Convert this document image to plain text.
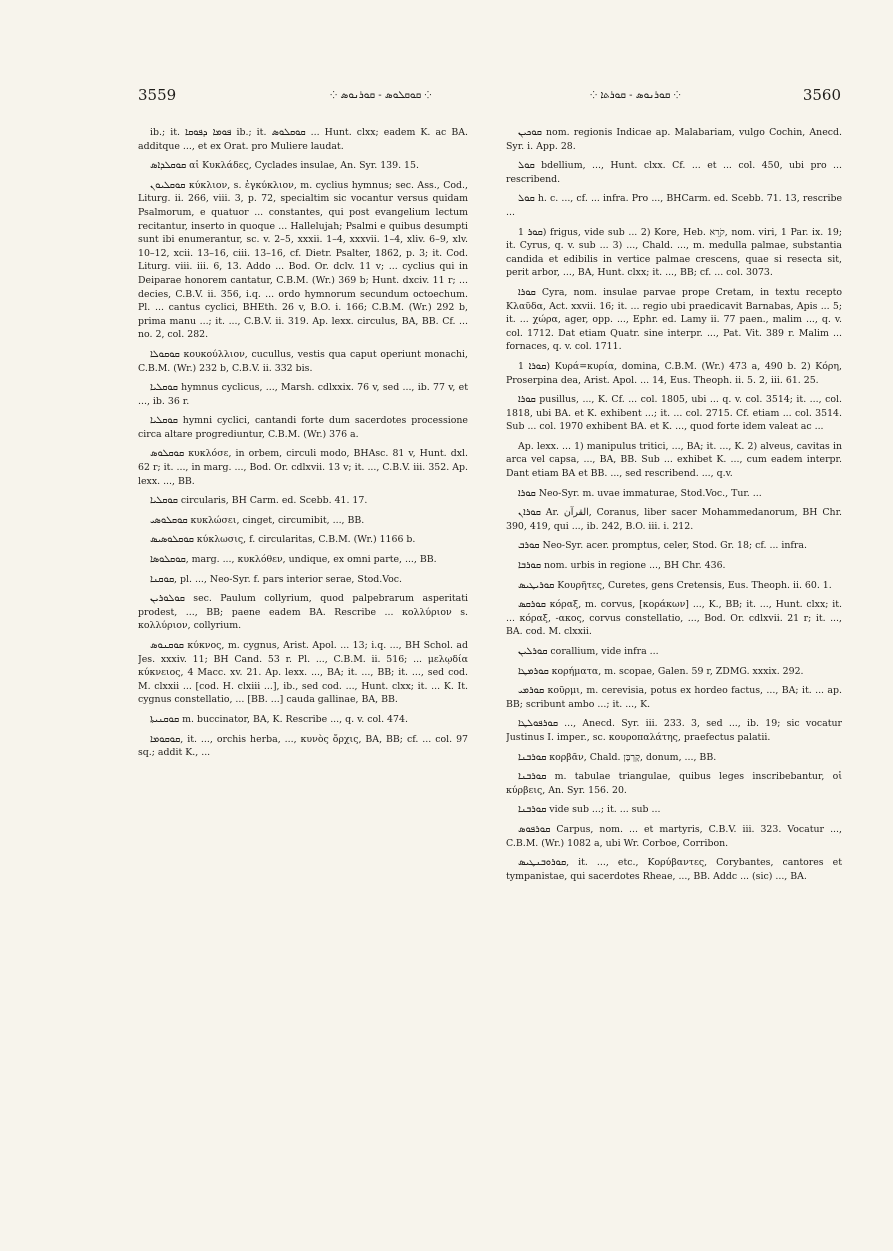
3559	⁘ ܩܘܩܠܘܣ - ܩܘܪܢܘܣ ⁘	⁘ ܩܘܪܢܘܣ - ܩܘܪܬܐ ⁘	3560

ib.; it. ܦܘܡܐ ܕܦܘܩܐ ib.; it. ܩܘܩܠܘܣ ... Hunt. clxx; eadem K. ac BA. additque ..., et ex Orat. pro Muliere laudat.

ܩܘܩܠܕܐܣ αἱ Κυκλάδες, Cyclades insulae, An. Syr. 139. 15.

ܩܘܩܠܝܘܢ κύκλιον, s. ἐγκύκλιον, m. cyclius hymnus; sec. Ass., Cod., Liturg. ii. 266, viii. 3, p. 72, specialtim sic vocantur versus quidam Psalmorum, e quatuor ... constantes, qui post evangelium lectum recitantur, inserto in quoque ... Hallelujah; Psalmi e quibus desumpti sunt ibi enumerantur, sc. v. 2–5, xxxii. 1–4, xxxvii. 1–4, xliv. 6–9, xlv. 10–12, xcii. 13–16, ciii. 13–16, cf. Dietr. Psalter, 1862, p. 3; it. Cod. Liturg. viii. iii. 6, 13. Addo ... Bod. Or. dclv. 11 v; ... cyclius qui in Deiparae honorem cantatur, C.B.M. (Wr.) 369 b; Hunt. dxciv. 11 r; ... decies, C.B.V. ii. 356, i.q. ... ordo hymnorum secundum octoechum. Pl. ... cantus cyclici, BHEth. 26 v, B.O. i. 166; C.B.M. (Wr.) 292 b, prima manu ...; it. ..., C.B.V. ii. 319. Ap. lexx. circulus, BA, BB. Cf. ... no. 2, col. 282.

ܩܘܩܘܠܐ κουκούλλιον, cucullus, vestis qua caput operiunt monachi, C.B.M. (Wr.) 232 b, C.B.V. ii. 332 bis.

ܩܘܩܠܝܐ hymnus cyclicus, ..., Marsh. cdlxxix. 76 v, sed ..., ib. 77 v, et ..., ib. 36 r.

ܩܘܩܠܝܐ hymni cyclici, cantandi forte dum sacerdotes processione circa altare progrediuntur, C.B.M. (Wr.) 376 a.

ܩܘܩܠܘܣ κυκλόσε, in orbem, circuli modo, BHAsc. 81 v, Hunt. dxl. 62 r; it. ..., in marg. ..., Bod. Or. cdlxvii. 13 v; it. ..., C.B.V. iii. 352. Ap. lexx. ..., BB.

ܩܘܩܠܝܐ circularis, BH Carm. ed. Scebb. 41. 17.

ܩܘܩܠܘܣܝ κυκλώσει, cinget, circumibit, ..., BB.

ܩܘܩܠܘܣܝܣ κύκλωσις, f. circularitas, C.B.M. (Wr.) 1166 b.

ܩܘܩܠܘܣܐ, marg. ..., κυκλόθεν, undique, ex omni parte, ..., BB.

ܩܘܩܢܐ, pl. ..., Neo-Syr. f. pars interior serae, Stod.Voc.

ܩܘܠܘܪܝܢ sec. Paulum collyrium, quod palpebrarum asperitati prodest, ..., BB; paene eadem BA. Rescribe ... κολλύριον s. κολλύριον, collyrium.

ܩܘܩܢܘܣ κύκνος, m. cygnus, Arist. Apol. ... 13; i.q. ..., BH Schol. ad Jes. xxxiv. 11; BH Cand. 53 r. Pl. ..., C.B.M. ii. 516; ... μελῳδία κύκνειος, 4 Macc. xv. 21. Ap. lexx. ..., BA; it. ..., BB; it. ..., sed cod. M. clxxii ... [cod. H. clxiii ...], ib., sed cod. ..., Hunt. clxx; it. ... K. It. cygnus constellatio, ... [BB. ...] cauda gallinae, BA, BB.

ܩܘܩܢܝܬܐ m. buccinator, BA, K. Rescribe ..., q. v. col. 474.

ܩܘܩܘܡܐ, it. ..., orchis herba, ..., κυνὸς ὄρχις, BA, BB; cf. ... col. 97 sq.; addit K., ...

ܩܘܟܝܢ nom. regionis Indicae ap. Malabariam, vulgo Cochin, Anecd. Syr. i. App. 28.

ܩܘܠ bdellium, ..., Hunt. clxx. Cf. ... et ... col. 450, ubi pro ... rescribend.

ܩܘܠ h. c. ..., cf. ... infra. Pro ..., BHCarm. ed. Scebb. 71. 13, rescribe ...

ܩܘܪ 1) frigus, vide sub ... 2) Kore, Heb. קֹרֵא, nom. viri, 1 Par. ix. 19; it. Cyrus, q. v. sub ... 3) ..., Chald. ..., m. medulla palmae, substantia candida et edibilis in vertice palmae crescens, quae si resecta sit, perit arbor, ..., BA, Hunt. clxx; it. ..., BB; cf. ... col. 3073.

ܩܘܪܐ Cyra, nom. insulae parvae prope Cretam, in textu recepto Κλαῦδα, Act. xxvii. 16; it. ... regio ubi praedicavit Barnabas, Apis ... 5; it. ... χώρα, ager, opp. ..., Ephr. ed. Lamy ii. 77 paen., malim ..., q. v. col. 1712. Dat etiam Quatr. sine interpr. ..., Pat. Vit. 389 r. Malim ... fornaces, q. v. col. 1711.

ܩܘܪܐ 1) Κυρά=κυρία, domina, C.B.M. (Wr.) 473 a, 490 b. 2) Κόρη, Proserpina dea, Arist. Apol. ... 14, Eus. Theoph. ii. 5. 2, iii. 61. 25.

ܩܘܪܐ pusillus, ..., K. Cf. ... col. 1805, ubi ... q. v. col. 3514; it. ..., col. 1818, ubi BA. et K. exhibent ...; it. ... col. 2715. Cf. etiam ... col. 3514. Sub ... col. 1970 exhibent BA. et K. ..., quod forte idem valeat ac ...

Ap. lexx. ... 1) manipulus tritici, ..., BA; it. ..., K. 2) alveus, cavitas in arca vel capsa, ..., BA, BB. Sub ... exhibet K. ..., cum eadem interpr. Dant etiam BA et BB. ..., sed rescribend. ..., q.v.

ܩܘܪܐ Neo-Syr. m. uvae immaturae, Stod.Voc., Tur. ...

ܩܘܪܐܢ Ar. القرآن, Coranus, liber sacer Mohammedanorum, BH Chr. 390, 419, qui ..., ib. 242, B.O. iii. i. 212.

ܩܘܪܒ Neo-Syr. acer. promptus, celer, Stod. Gr. 18; cf. ... infra.

ܩܘܪܒܐ nom. urbis in regione ..., BH Chr. 436.

ܩܘܪܝܛܝܣ Κουρῆτες, Curetes, gens Cretensis, Eus. Theoph. ii. 60. 1.

ܩܘܪܩܣ κόραξ, m. corvus, [κοράκων] ..., K., BB; it. ..., Hunt. clxx; it. ... κόραξ, -ακος, corvus constellatio, ..., Bod. Or. cdlxvii. 21 r; it. ..., BA. cod. M. clxxii.

ܩܘܪܠܝܢ corallium, vide infra ...

ܩܘܪܡܛܐ κορήματα, m. scopae, Galen. 59 r, ZDMG. xxxix. 292.

ܩܘܪܡܝ κοῦρμι, m. cerevisia, potus ex hordeo factus, ..., BA; it. ... ap. BB; scribunt ambo ...; it. ..., K.

ܩܘܪܦܘܠܛܐ ..., Anecd. Syr. iii. 233. 3, sed ..., ib. 19; sic vocatur Justinus I. imper., sc. κουροπαλάτης, praefectus palatii.

ܩܘܪܒܢܐ κορβᾶν, Chald. קָרְבָּן, donum, ..., BB.

ܩܘܪܒܢܐ m. tabulae triangulae, quibus leges inscribebantur, οἱ κύρβεις, An. Syr. 156. 20.

ܩܘܪܒܢܐ vide sub ...; it. ... sub ...

ܩܘܪܦܘܣ Carpus, nom. ... et martyris, C.B.V. iii. 323. Vocatur ..., C.B.M. (Wr.) 1082 a, ubi Wr. Corboe, Corribon.

ܩܘܪܘܒܢܛܝܣ, it. ..., etc., Κορύβαντες, Corybantes, cantores et tympanistae, qui sacerdotes Rheae, ..., BB. Addc ... (sic) ..., BA.
